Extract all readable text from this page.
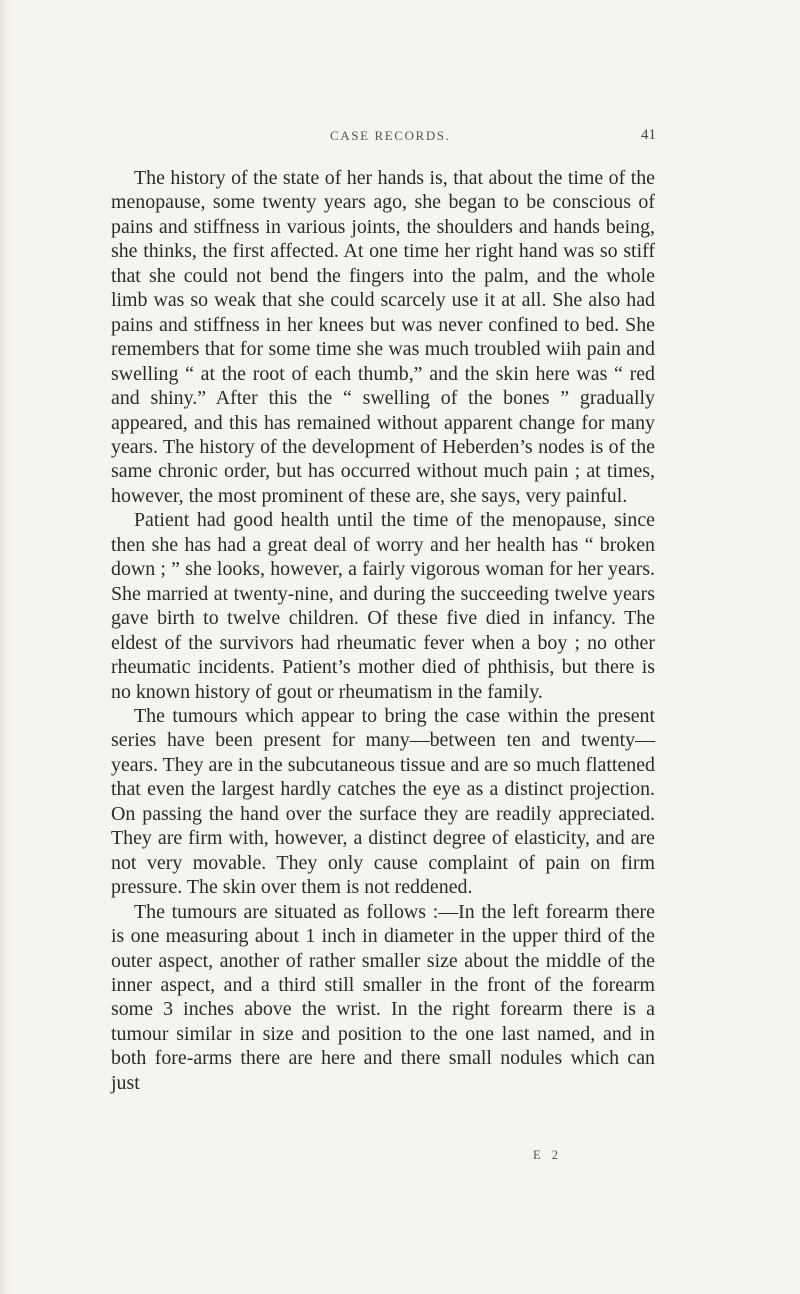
CASE RECORDS.	41

The history of the state of her hands is, that about the time of the menopause, some twenty years ago, she began to be conscious of pains and stiffness in various joints, the shoulders and hands being, she thinks, the first affected. At one time her right hand was so stiff that she could not bend the fingers into the palm, and the whole limb was so weak that she could scarcely use it at all. She also had pains and stiffness in her knees but was never confined to bed. She remembers that for some time she was much troubled wiih pain and swelling “ at the root of each thumb,” and the skin here was “ red and shiny.” After this the “ swelling of the bones ” gradually appeared, and this has remained without apparent change for many years. The history of the development of Heberden’s nodes is of the same chronic order, but has occurred without much pain ; at times, however, the most prominent of these are, she says, very painful.

Patient had good health until the time of the menopause, since then she has had a great deal of worry and her health has “ broken down ; ” she looks, however, a fairly vigorous woman for her years. She married at twenty-nine, and during the succeeding twelve years gave birth to twelve children. Of these five died in infancy. The eldest of the survivors had rheumatic fever when a boy ; no other rheumatic incidents. Patient’s mother died of phthisis, but there is no known history of gout or rheumatism in the family.

The tumours which appear to bring the case within the present series have been present for many—between ten and twenty—years. They are in the subcutaneous tissue and are so much flattened that even the largest hardly catches the eye as a distinct projection. On passing the hand over the surface they are readily appreciated. They are firm with, however, a distinct degree of elasticity, and are not very movable. They only cause complaint of pain on firm pressure. The skin over them is not reddened.

The tumours are situated as follows :—In the left forearm there is one measuring about 1 inch in diameter in the upper third of the outer aspect, another of rather smaller size about the middle of the inner aspect, and a third still smaller in the front of the forearm some 3 inches above the wrist. In the right forearm there is a tumour similar in size and position to the one last named, and in both fore-arms there are here and there small nodules which can just

E 2
